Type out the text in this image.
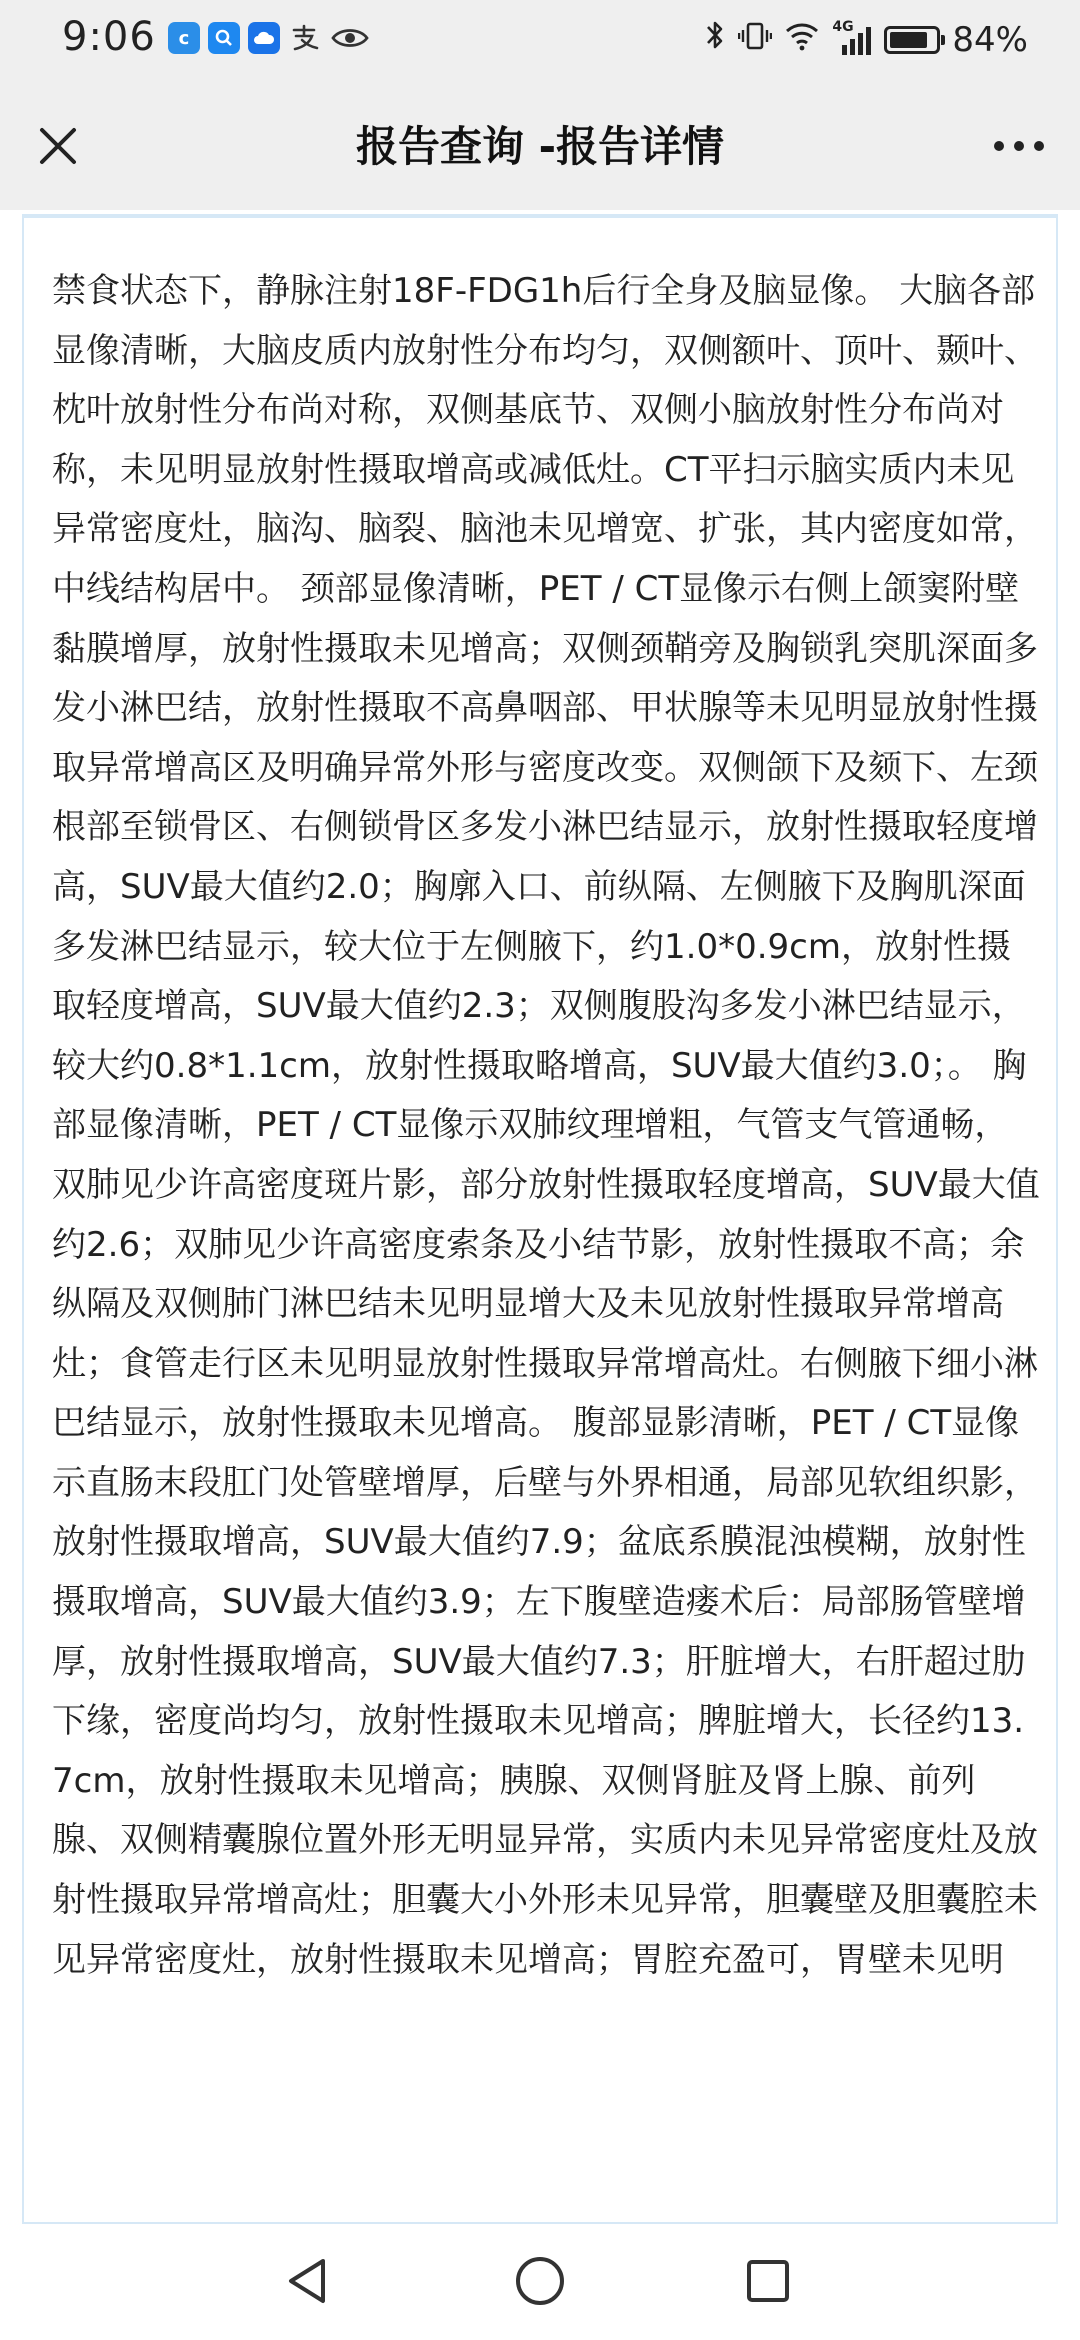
9:06	c
4G	84%
报告查询 -报告详情
禁食状态下，静脉注射18F-FDG1h后行全身及脑显像。 大脑各部显像清晰，大脑皮质内放射性分布均匀，双侧额叶、顶叶、颞叶、枕叶放射性分布尚对称，双侧基底节、双侧小脑放射性分布尚对称，未见明显放射性摄取增高或减低灶。CT平扫示脑实质内未见异常密度灶，脑沟、脑裂、脑池未见增宽、扩张，其内密度如常，中线结构居中。 颈部显像清晰，PET / CT显像示右侧上颌窦附壁黏膜增厚，放射性摄取未见增高；双侧颈鞘旁及胸锁乳突肌深面多发小淋巴结，放射性摄取不高鼻咽部、甲状腺等未见明显放射性摄取异常增高区及明确异常外形与密度改变。双侧颌下及颏下、左颈根部至锁骨区、右侧锁骨区多发小淋巴结显示，放射性摄取轻度增高，SUV最大值约2.0；胸廓入口、前纵隔、左侧腋下及胸肌深面多发淋巴结显示，较大位于左侧腋下，约1.0*0.9cm，放射性摄取轻度增高，SUV最大值约2.3；双侧腹股沟多发小淋巴结显示，较大约0.8*1.1cm，放射性摄取略增高，SUV最大值约3.0；。 胸部显像清晰，PET / CT显像示双肺纹理增粗，气管支气管通畅，双肺见少许高密度斑片影，部分放射性摄取轻度增高，SUV最大值约2.6；双肺见少许高密度索条及小结节影，放射性摄取不高；余纵隔及双侧肺门淋巴结未见明显增大及未见放射性摄取异常增高灶；食管走行区未见明显放射性摄取异常增高灶。右侧腋下细小淋巴结显示，放射性摄取未见增高。 腹部显影清晰，PET / CT显像示直肠末段肛门处管壁增厚，后壁与外界相通，局部见软组织影，放射性摄取增高，SUV最大值约7.9；盆底系膜混浊模糊，放射性摄取增高，SUV最大值约3.9；左下腹壁造瘘术后：局部肠管壁增厚，放射性摄取增高，SUV最大值约7.3；肝脏增大，右肝超过肋下缘，密度尚均匀，放射性摄取未见增高；脾脏增大，长径约13.7cm，放射性摄取未见增高；胰腺、双侧肾脏及肾上腺、前列腺、双侧精囊腺位置外形无明显异常，实质内未见异常密度灶及放射性摄取异常增高灶；胆囊大小外形未见异常，胆囊壁及胆囊腔未见异常密度灶，放射性摄取未见增高；胃腔充盈可，胃壁未见明
